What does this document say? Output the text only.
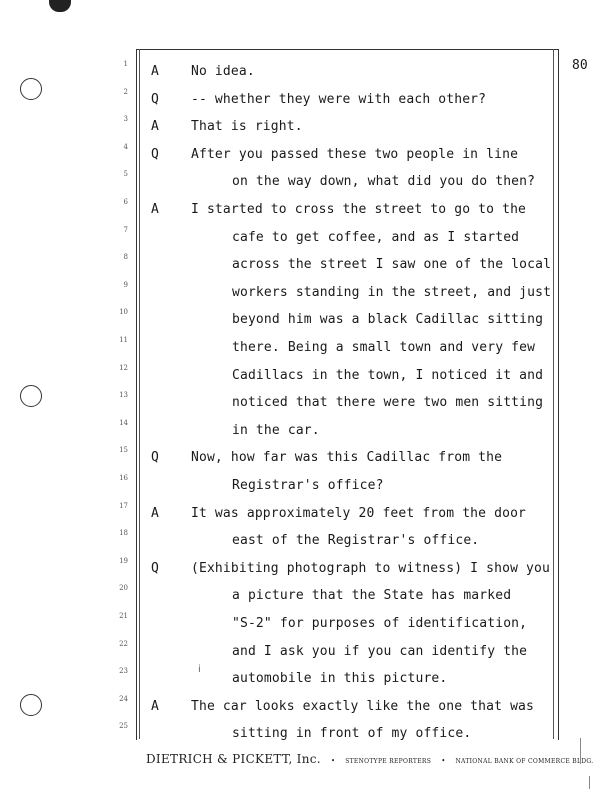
80
1
2
3
4
5
6
7
8
9
10
11
12
13
14
15
16
17
18
19
20
21
22
23
24
25
A No idea.
Q -- whether they were with each other?
A That is right.
Q After you passed these two people in line
on the way down, what did you do then?
A I started to cross the street to go to the
cafe to get coffee, and as I started
across the street I saw one of the local
workers standing in the street, and just
beyond him was a black Cadillac sitting
there. Being a small town and very few
Cadillacs in the town, I noticed it and
noticed that there were two men sitting
in the car.
Q Now, how far was this Cadillac from the
Registrar's office?
A It was approximately 20 feet from the door
east of the Registrar's office.
Q (Exhibiting photograph to witness) I show you
a picture that the State has marked
"S-2" for purposes of identification,
and I ask you if you can identify the
automobile in this picture.
A The car looks exactly like the one that was
sitting in front of my office.
ⅰ
DIETRICH & PICKETT, Inc. • STENOTYPE REPORTERS • NATIONAL BANK OF COMMERCE BLDG.
